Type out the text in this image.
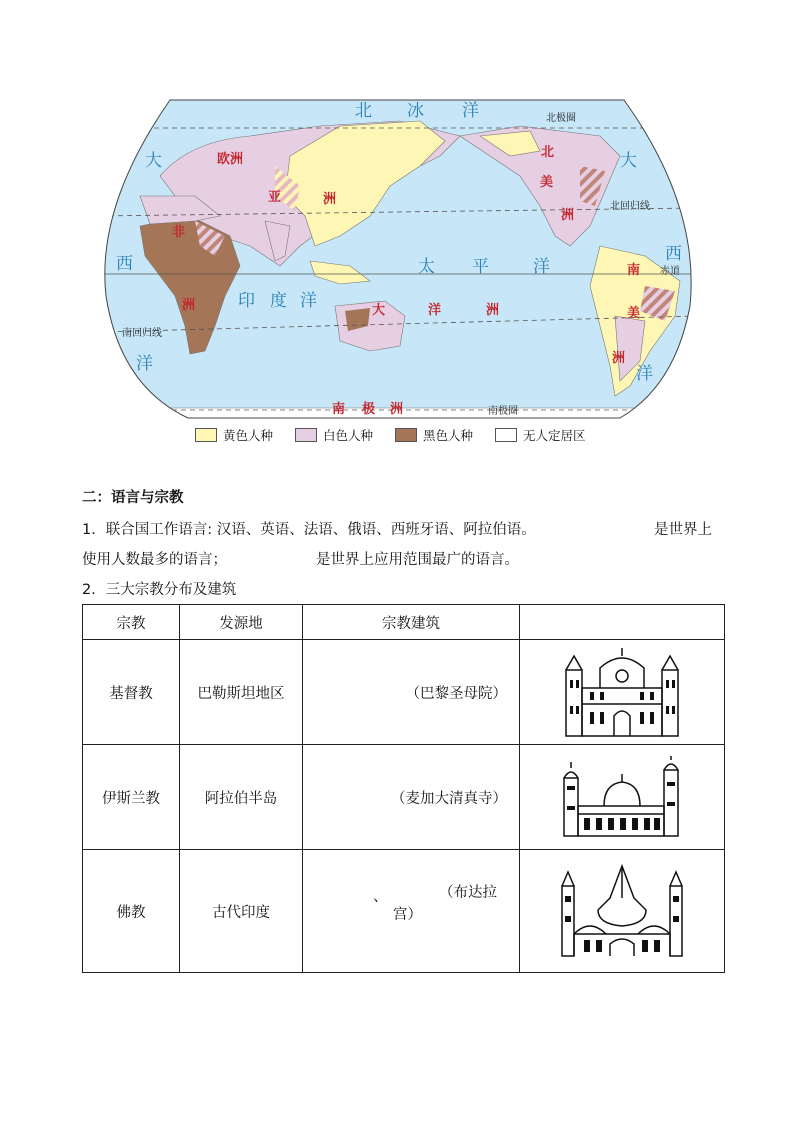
北 冰 洋
太 平	洋
大	大
西	西
洋	洋
印 度 洋
欧洲
亚	洲
非
洲
北
美
洲
南
美
洲
大	洋	洲
南 极 洲
北极圈
北回归线
赤道
南回归线
南极圈
黄色人种	白色人种	黑色人种	无人定居区
二：语言与宗教
1．联合国工作语言: 汉语、英语、法语、俄语、西班牙语、阿拉伯语。	是世界上
使用人数最多的语言；	是世界上应用范围最广的语言。
2．三大宗教分布及建筑
宗教	发源地	宗教建筑	
基督教	巴勒斯坦地区	（巴黎圣母院）	

伊斯兰教	阿拉伯半岛	（麦加大清真寺）	

佛教	古代印度	、 （布达拉
宫）
